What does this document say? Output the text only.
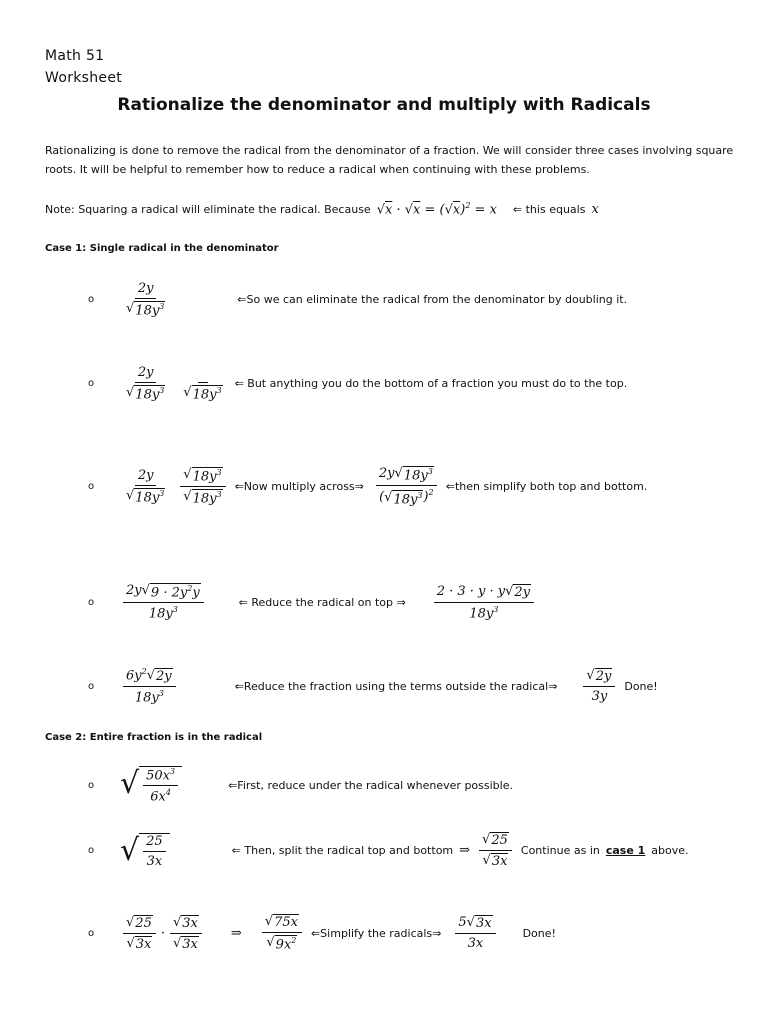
Math 51
Worksheet
Rationalize the denominator and multiply with Radicals
Rationalizing is done to remove the radical from the denominator of a fraction. We will consider three cases involving square roots. It will be helpful to remember how to reduce a radical when continuing with these problems.
Note: Squaring a radical will eliminate the radical. Because $√x \cdot √x = (√x)^2 = x$ ⇐ this equals x
Case 1: Single radical in the denominator
o	$\frac{2y}{√ 18y^3}$	⇐So we can eliminate the radical from the denominator by doubling it.
o	$\frac{2y}{√ 18y^3}$
√ $18y^3$
⇐ But anything you do the bottom of a fraction you must do to the top.
o	$\frac{2y}{√ 18y^3} \frac{√ 18y^3}{√ 18y^3}$ ⇐Now multiply across⇒ $\frac{2y √ 18y^3}{( √ 18y^3 )^2}$ ⇐then simplify both top and bottom.
o	$\frac{2y √ 9 \cdot 2y^2y}{18y^3}$	⇐ Reduce the radical on top ⇒ $\frac{2 \cdot 3 \cdot y \cdot y √ 2y}{18y^3}$
o	$\frac{6y^2 √ 2y}{18y^3}$	⇐Reduce the fraction using the terms outside the radical⇒ $\frac{√ 2y}{3y}$ Done!
Case 2: Entire fraction is in the radical
o √ $\frac{50x^3}{6x^4}$	⇐First, reduce under the radical whenever possible.
o √ $\frac{25}{3x}$	⇐ Then, split the radical top and bottom ⇒ $\frac{√ 25}{√ 3x}$ Continue as in case 1 above.
o	$\frac{√ 25}{√ 3x} \cdot \frac{√ 3x}{√ 3x}$ ⇒ $\frac{√ 75x}{√ 9x^2}$ ⇐Simplify the radicals⇒ $\frac{5 √ 3x}{3x}$ Done!
